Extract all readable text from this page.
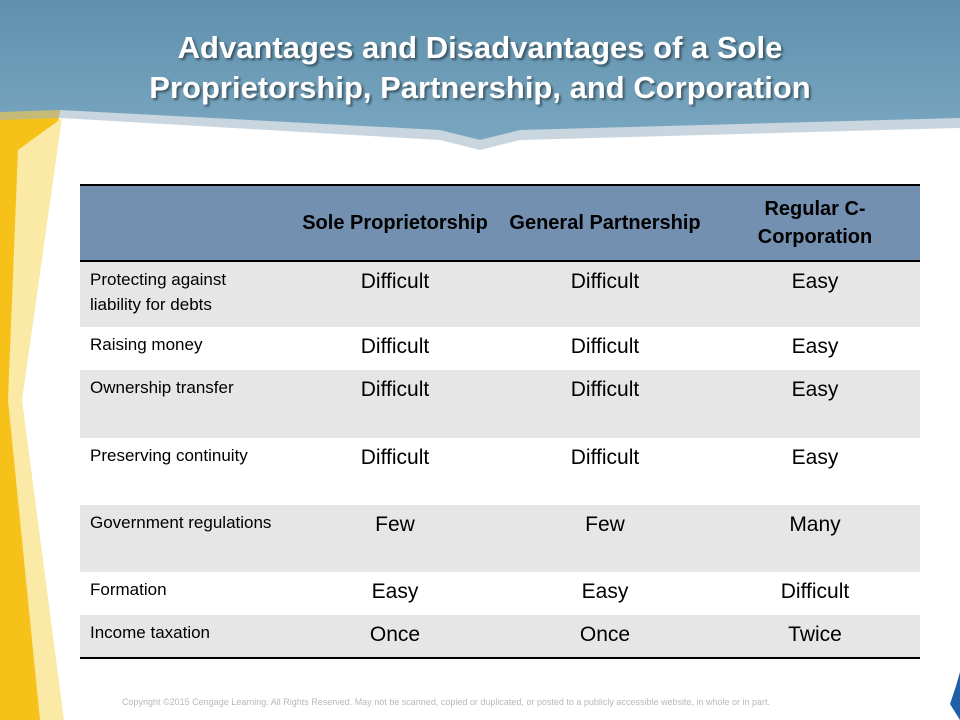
Advantages and Disadvantages of a Sole
Proprietorship, Partnership, and Corporation
	Sole Proprietorship	General Partnership	Regular C-Corporation
Protecting against liability for debts	Difficult	Difficult	Easy
Raising money	Difficult	Difficult	Easy
Ownership transfer	Difficult	Difficult	Easy
Preserving continuity	Difficult	Difficult	Easy
Government regulations	Few	Few	Many
Formation	Easy	Easy	Difficult
Income taxation	Once	Once	Twice
Copyright ©2015 Cengage Learning. All Rights Reserved. May not be scanned, copied or duplicated, or posted to a publicly accessible website, in whole or in part.
